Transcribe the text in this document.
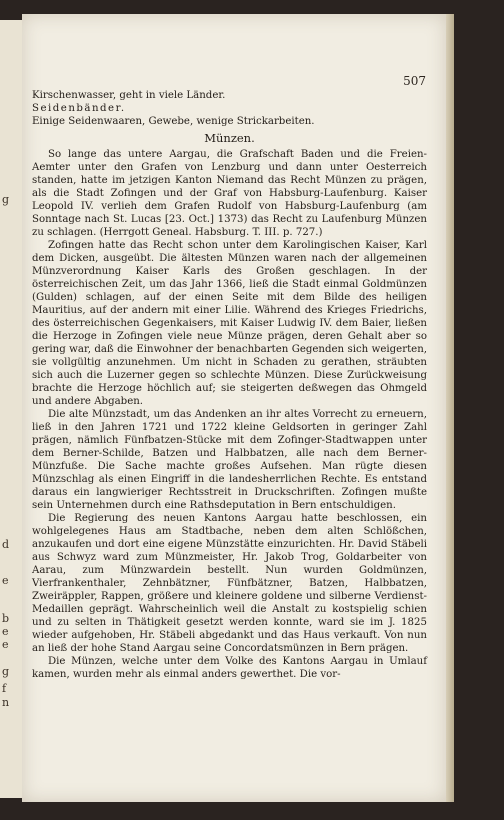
g
d
e
b
e
e
g
f
n
507

Kirschenwasser, geht in viele Länder.

Seidenbänder.

Einige Seidenwaaren, Gewebe, wenige Strickarbeiten.

Münzen.

So lange das untere Aargau, die Grafschaft Baden und die Freien-Aemter unter den Grafen von Lenzburg und dann unter Oesterreich standen, hatte im jetzigen Kanton Niemand das Recht Münzen zu prägen, als die Stadt Zofingen und der Graf von Habsburg-Laufenburg. Kaiser Leopold IV. verlieh dem Grafen Rudolf von Habsburg-Laufenburg (am Sonntage nach St. Lucas [23. Oct.] 1373) das Recht zu Laufenburg Münzen zu schlagen. (Herrgott Geneal. Habsburg. T. III. p. 727.)

Zofingen hatte das Recht schon unter dem Karolingischen Kaiser, Karl dem Dicken, ausgeübt. Die ältesten Münzen waren nach der allgemeinen Münzverordnung Kaiser Karls des Großen geschlagen. In der österreichischen Zeit, um das Jahr 1366, ließ die Stadt einmal Goldmünzen (Gulden) schlagen, auf der einen Seite mit dem Bilde des heiligen Mauritius, auf der andern mit einer Lilie. Während des Krieges Friedrichs, des österreichischen Gegenkaisers, mit Kaiser Ludwig IV. dem Baier, ließen die Herzoge in Zofingen viele neue Münze prägen, deren Gehalt aber so gering war, daß die Einwohner der benachbarten Gegenden sich weigerten, sie vollgültig anzunehmen. Um nicht in Schaden zu gerathen, sträubten sich auch die Luzerner gegen so schlechte Münzen. Diese Zurückweisung brachte die Herzoge höchlich auf; sie steigerten deßwegen das Ohmgeld und andere Abgaben.

Die alte Münzstadt, um das Andenken an ihr altes Vorrecht zu erneuern, ließ in den Jahren 1721 und 1722 kleine Geldsorten in geringer Zahl prägen, nämlich Fünfbatzen-Stücke mit dem Zofinger-Stadtwappen unter dem Berner-Schilde, Batzen und Halbbatzen, alle nach dem Berner-Münzfuße. Die Sache machte großes Aufsehen. Man rügte diesen Münzschlag als einen Eingriff in die landesherrlichen Rechte. Es entstand daraus ein langwieriger Rechtsstreit in Druckschriften. Zofingen mußte sein Unternehmen durch eine Rathsdeputation in Bern entschuldigen.

Die Regierung des neuen Kantons Aargau hatte beschlossen, ein wohlgelegenes Haus am Stadtbache, neben dem alten Schlößchen, anzukaufen und dort eine eigene Münzstätte einzurichten. Hr. David Stäbeli aus Schwyz ward zum Münzmeister, Hr. Jakob Trog, Goldarbeiter von Aarau, zum Münzwardein bestellt. Nun wurden Goldmünzen, Vierfrankenthaler, Zehnbätzner, Fünfbätzner, Batzen, Halbbatzen, Zweiräppler, Rappen, größere und kleinere goldene und silberne Verdienst-Medaillen geprägt. Wahrscheinlich weil die Anstalt zu kostspielig schien und zu selten in Thätigkeit gesetzt werden konnte, ward sie im J. 1825 wieder aufgehoben, Hr. Stäbeli abgedankt und das Haus verkauft. Von nun an ließ der hohe Stand Aargau seine Concordatsmünzen in Bern prägen.

Die Münzen, welche unter dem Volke des Kantons Aargau in Umlauf kamen, wurden mehr als einmal anders gewerthet. Die vor-
